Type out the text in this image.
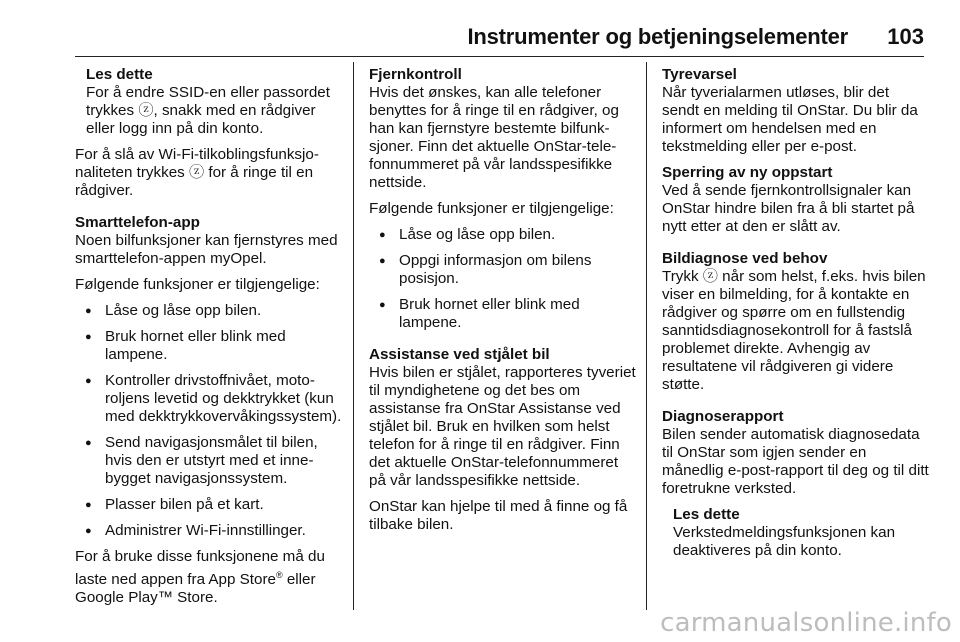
Instrumenter og betjeningselementer 103
Les dette
For å endre SSID-en eller passordet trykkes ⓩ, snakk med en rådgiver eller logg inn på din konto.

For å slå av Wi-Fi-tilkoblingsfunksjonaliteten trykkes ⓩ for å ringe til en rådgiver.

Smarttelefon-app

Noen bilfunksjoner kan fjernstyres med smarttelefon-appen myOpel.

Følgende funksjoner er tilgjengelige:

● Låse og låse opp bilen.
● Bruk hornet eller blink med lampene.
● Kontroller drivstoffnivået, motoroljens levetid og dekktrykket (kun med dekktrykkovervåkingssystem).
● Send navigasjonsmålet til bilen, hvis den er utstyrt med et innebygget navigasjonssystem.
● Plasser bilen på et kart.
● Administrer Wi-Fi-innstillinger.

For å bruke disse funksjonene må du laste ned appen fra App Store® eller Google Play™ Store.

Fjernkontroll

Hvis det ønskes, kan alle telefoner benyttes for å ringe til en rådgiver, og han kan fjernstyre bestemte bilfunksjoner. Finn det aktuelle OnStar-telefonnummeret på vår landsspesifikke nettside.

Følgende funksjoner er tilgjengelige:

● Låse og låse opp bilen.
● Oppgi informasjon om bilens posisjon.
● Bruk hornet eller blink med lampene.
Assistanse ved stjålet bil

Hvis bilen er stjålet, rapporteres tyveriet til myndighetene og det bes om assistanse fra OnStar Assistanse ved stjålet bil. Bruk en hvilken som helst telefon for å ringe til en rådgiver. Finn det aktuelle OnStar-telefonnummeret på vår landsspesifikke nettside.

OnStar kan hjelpe til med å finne og få tilbake bilen.

Tyrevarsel

Når tyverialarmen utløses, blir det sendt en melding til OnStar. Du blir da informert om hendelsen med en tekstmelding eller per e-post.

Sperring av ny oppstart

Ved å sende fjernkontrollsignaler kan OnStar hindre bilen fra å bli startet på nytt etter at den er slått av.

Bildiagnose ved behov

Trykk ⓩ når som helst, f.eks. hvis bilen viser en bilmelding, for å kontakte en rådgiver og spørre om en fullstendig sanntidsdiagnosekontroll for å fastslå problemet direkte. Avhengig av resultatene vil rådgiveren gi videre støtte.

Diagnoserapport

Bilen sender automatisk diagnosedata til OnStar som igjen sender en månedlig e-post-rapport til deg og til ditt foretrukne verksted.

Les dette
Verkstedmeldingsfunksjonen kan deaktiveres på din konto.
carmanualsonline.info
